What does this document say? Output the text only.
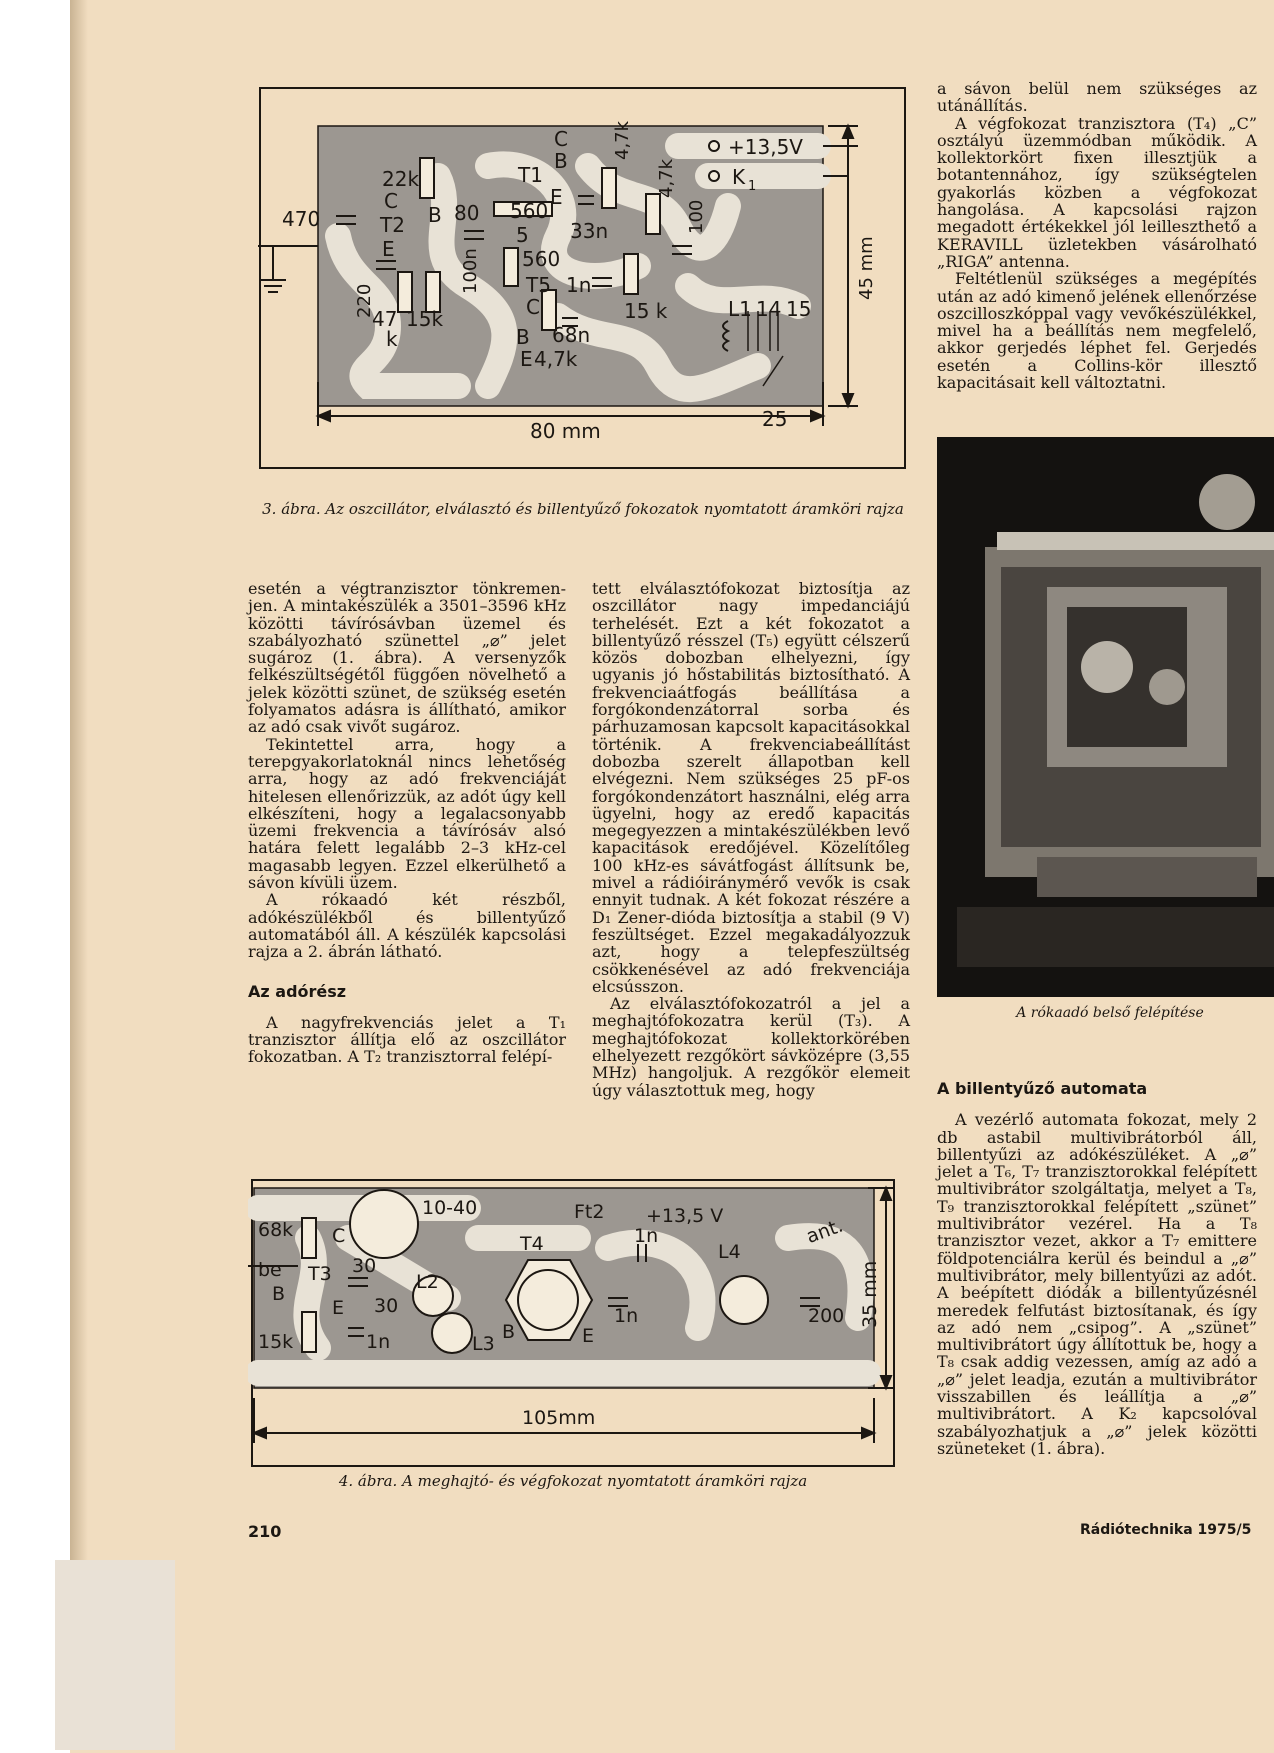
470
22k
C
T2
E
B 80
T1
560
5
560
T5
C
B
E 4,7k
68n
1n
C
B
E
33n
15 k
15k
47
k
L1 14 15
25
80 mm
+13,5V
K 1
220
100n
4,7k
4,7k
100
45 mm
3. ábra. Az oszcillátor, elválasztó és billentyűző fokozatok nyomtatott áramköri rajza
68k
be T3
B
C
E
15k	1n
30
30
L2
L3
10-40
T4
B	E
Ft2 +13,5 V
1n
1n
L4
ant.
200
105mm
35 mm
4. ábra. A meghajtó- és végfokozat nyomtatott áramköri rajza
A rókaadó belső felépítése

esetén a végtranzisztor tönkremen-jen. A mintakészülék a 3501–3596 kHz közötti távírósávban üzemel és szabályozható szünettel „⌀” jelet sugároz (1. ábra). A versenyzők felkészültségétől függően növelhető a jelek közötti szünet, de szükség esetén folyamatos adásra is állítható, amikor az adó csak vivőt sugároz.

Tekintettel arra, hogy a terepgyakorlatoknál nincs lehetőség arra, hogy az adó frekvenciáját hitelesen ellenőrizzük, az adót úgy kell elkészíteni, hogy a legalacsonyabb üzemi frekvencia a távírósáv alsó határa felett legalább 2–3 kHz-cel magasabb legyen. Ezzel elkerülhető a sávon kívüli üzem.

A rókaadó két részből, adókészülékből és billentyűző automatából áll. A készülék kapcsolási rajza a 2. ábrán látható.

Az adórész

A nagyfrekvenciás jelet a T₁ tranzisztor állítja elő az oszcillátor fokozatban. A T₂ tranzisztorral felépí-

tett elválasztófokozat biztosítja az oszcillátor nagy impedanciájú terhelését. Ezt a két fokozatot a billentyűző résszel (T₅) együtt célszerű közös dobozban elhelyezni, így ugyanis jó hőstabilitás biztosítható. A frekvenciaátfogás beállítása a forgókondenzátorral sorba és párhuzamosan kapcsolt kapacitásokkal történik. A frekvenciabeállítást dobozba szerelt állapotban kell elvégezni. Nem szükséges 25 pF-os forgókondenzátort használni, elég arra ügyelni, hogy az eredő kapacitás megegyezzen a mintakészülékben levő kapacitások eredőjével. Közelítőleg 100 kHz-es sávátfogást állítsunk be, mivel a rádióiránymérő vevők is csak ennyit tudnak. A két fokozat részére a D₁ Zener-dióda biztosítja a stabil (9 V) feszültséget. Ezzel megakadályozzuk azt, hogy a telepfeszültség csökkenésével az adó frekvenciája elcsússzon.

Az elválasztófokozatról a jel a meghajtófokozatra kerül (T₃). A meghajtófokozat kollektorkörében elhelyezett rezgőkört sávközépre (3,55 MHz) hangoljuk. A rezgőkör elemeit úgy választottuk meg, hogy

a sávon belül nem szükséges az utánállítás.

A végfokozat tranzisztora (T₄) „C” osztályú üzemmódban működik. A kollektorkört fixen illesztjük a botantennához, így szükségtelen gyakorlás közben a végfokozat hangolása. A kapcsolási rajzon megadott értékekkel jól leilleszthető a KERAVILL üzletekben vásárolható „RIGA” antenna.

Feltétlenül szükséges a megépítés után az adó kimenő jelének ellenőrzése oszcilloszkóppal vagy vevőkészülékkel, mivel ha a beállítás nem megfelelő, akkor gerjedés léphet fel. Gerjedés esetén a Collins-kör illesztő kapacitásait kell változtatni.

A billentyűző automata

A vezérlő automata fokozat, mely 2 db astabil multivibrátorból áll, billentyűzi az adókészüléket. A „⌀” jelet a T₆, T₇ tranzisztorokkal felépített multivibrátor szolgáltatja, melyet a T₈, T₉ tranzisztorokkal felépített „szünet” multivibrátor vezérel. Ha a T₈ tranzisztor vezet, akkor a T₇ emittere földpotenciálra kerül és beindul a „⌀” multivibrátor, mely billentyűzi az adót. A beépített diódák a billentyűzésnél meredek felfutást biztosítanak, és így az adó nem „csipog”. A „szünet” multivibrátort úgy állítottuk be, hogy a T₈ csak addig vezessen, amíg az adó a „⌀” jelet leadja, ezután a multivibrátor visszabillen és leállítja a „⌀” multivibrátort. A K₂ kapcsolóval szabályozhatjuk a „⌀” jelek közötti szüneteket (1. ábra).

210	Rádiótechnika 1975/5
